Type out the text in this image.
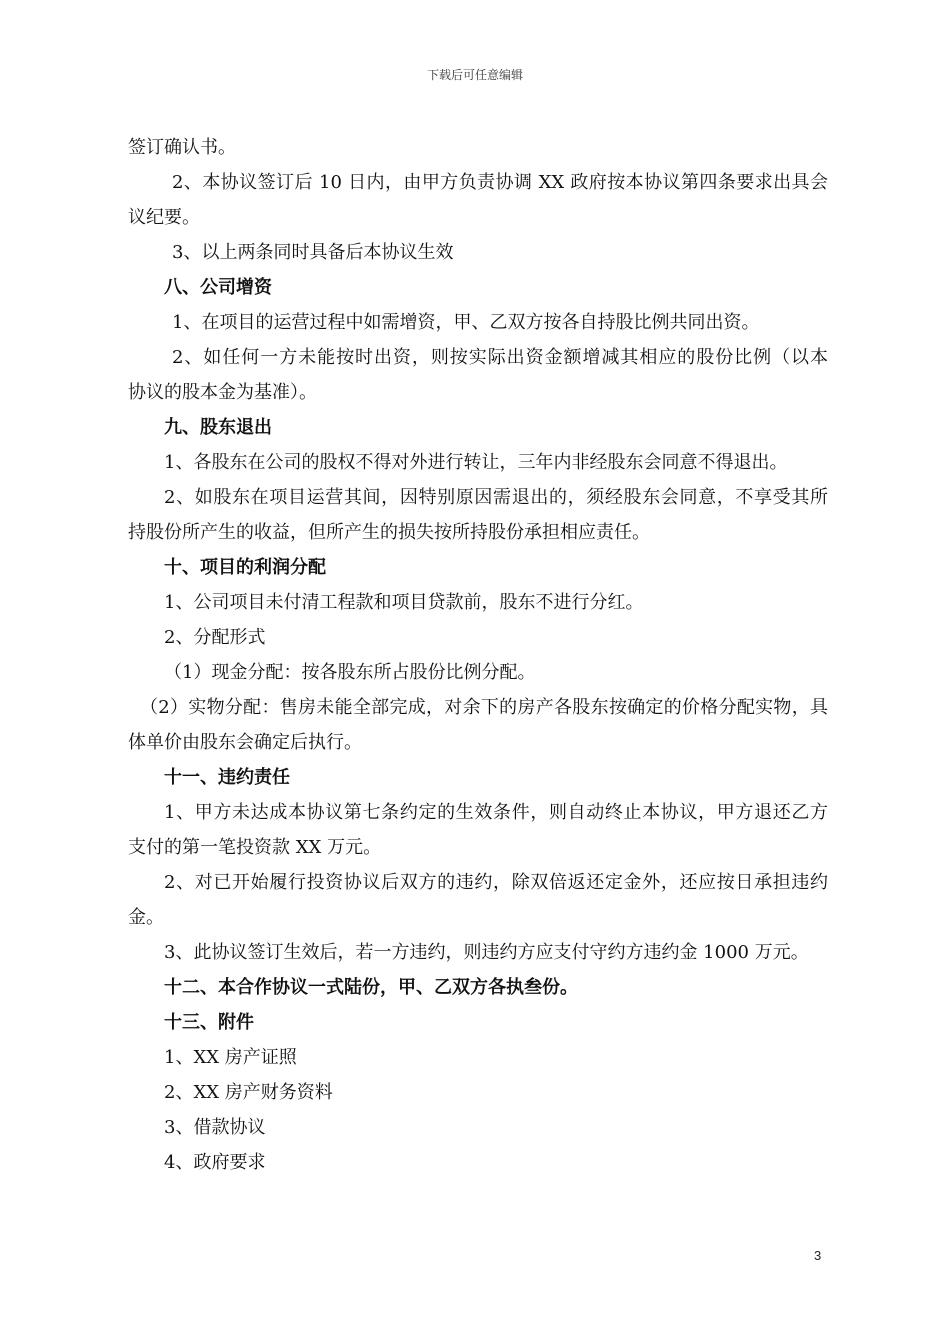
下载后可任意编辑
签订确认书。
2、本协议签订后 10 日内，由甲方负责协调 XX 政府按本协议第四条要求出具会
议纪要。
3、以上两条同时具备后本协议生效
八、公司增资
1、在项目的运营过程中如需增资，甲、乙双方按各自持股比例共同出资。
2、如任何一方未能按时出资，则按实际出资金额增减其相应的股份比例（以本
协议的股本金为基准）。
九、股东退出
1、各股东在公司的股权不得对外进行转让，三年内非经股东会同意不得退出。
2、如股东在项目运营其间，因特别原因需退出的，须经股东会同意，不享受其所
持股份所产生的收益，但所产生的损失按所持股份承担相应责任。
十、项目的利润分配
1、公司项目未付清工程款和项目贷款前，股东不进行分红。
2、分配形式
（1）现金分配：按各股东所占股份比例分配。
（2）实物分配：售房未能全部完成，对余下的房产各股东按确定的价格分配实物，具
体单价由股东会确定后执行。
十一、违约责任
1、甲方未达成本协议第七条约定的生效条件，则自动终止本协议，甲方退还乙方
支付的第一笔投资款 XX 万元。
2、对已开始履行投资协议后双方的违约，除双倍返还定金外，还应按日承担违约
金。
3、此协议签订生效后，若一方违约，则违约方应支付守约方违约金 1000 万元。
十二、本合作协议一式陆份，甲、乙双方各执叁份。
十三、附件
1、XX 房产证照
2、XX 房产财务资料
3、借款协议
4、政府要求
3
